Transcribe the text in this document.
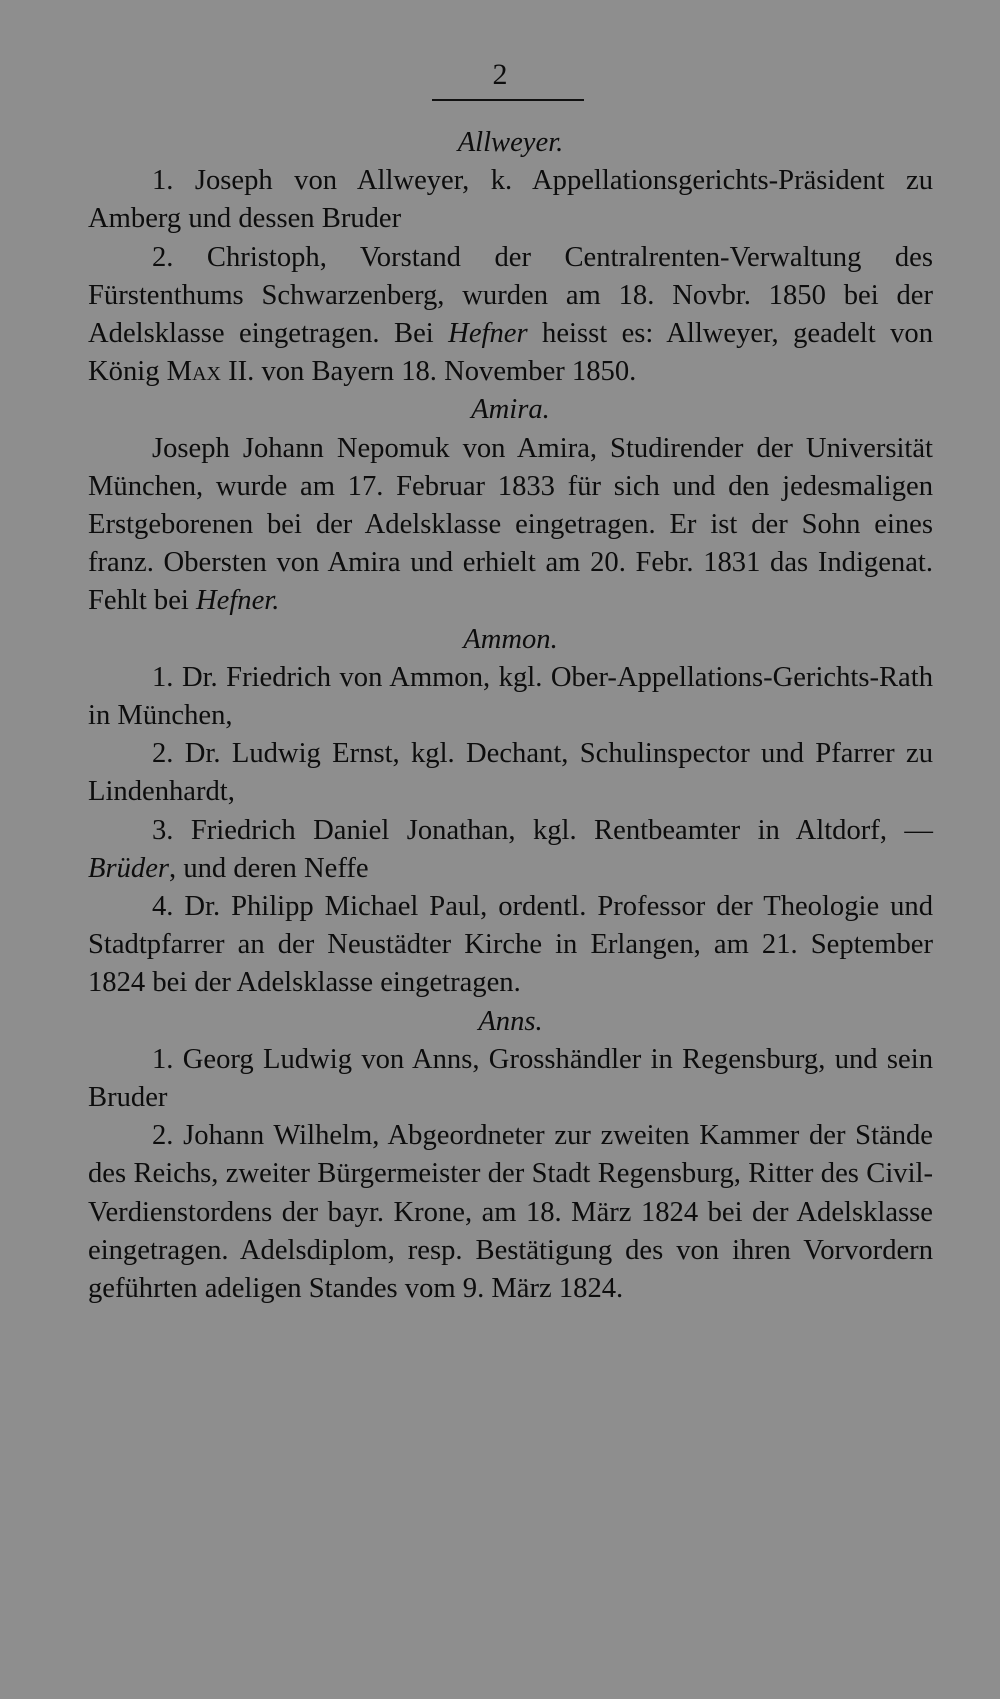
2

Allweyer.

1. Joseph von Allweyer, k. Appellationsgerichts-Präsident zu Amberg und dessen Bruder

2. Christoph, Vorstand der Centralrenten-Verwaltung des Fürstenthums Schwarzenberg, wurden am 18. Novbr. 1850 bei der Adelsklasse eingetragen. Bei Hefner heisst es: Allweyer, geadelt von König Max II. von Bayern 18. November 1850.

Amira.

Joseph Johann Nepomuk von Amira, Studirender der Universität München, wurde am 17. Februar 1833 für sich und den jedesmaligen Erstgeborenen bei der Adelsklasse eingetragen. Er ist der Sohn eines franz. Obersten von Amira und erhielt am 20. Febr. 1831 das Indigenat. Fehlt bei Hefner.

Ammon.

1. Dr. Friedrich von Ammon, kgl. Ober-Appellations-Gerichts-Rath in München,

2. Dr. Ludwig Ernst, kgl. Dechant, Schulinspector und Pfarrer zu Lindenhardt,

3. Friedrich Daniel Jonathan, kgl. Rentbeamter in Altdorf, — Brüder, und deren Neffe

4. Dr. Philipp Michael Paul, ordentl. Professor der Theologie und Stadtpfarrer an der Neustädter Kirche in Erlangen, am 21. September 1824 bei der Adelsklasse eingetragen.

Anns.

1. Georg Ludwig von Anns, Grosshändler in Regensburg, und sein Bruder

2. Johann Wilhelm, Abgeordneter zur zweiten Kammer der Stände des Reichs, zweiter Bürgermeister der Stadt Regensburg, Ritter des Civil-Verdienstordens der bayr. Krone, am 18. März 1824 bei der Adelsklasse eingetragen. Adelsdiplom, resp. Bestätigung des von ihren Vorvordern geführten adeligen Standes vom 9. März 1824.
